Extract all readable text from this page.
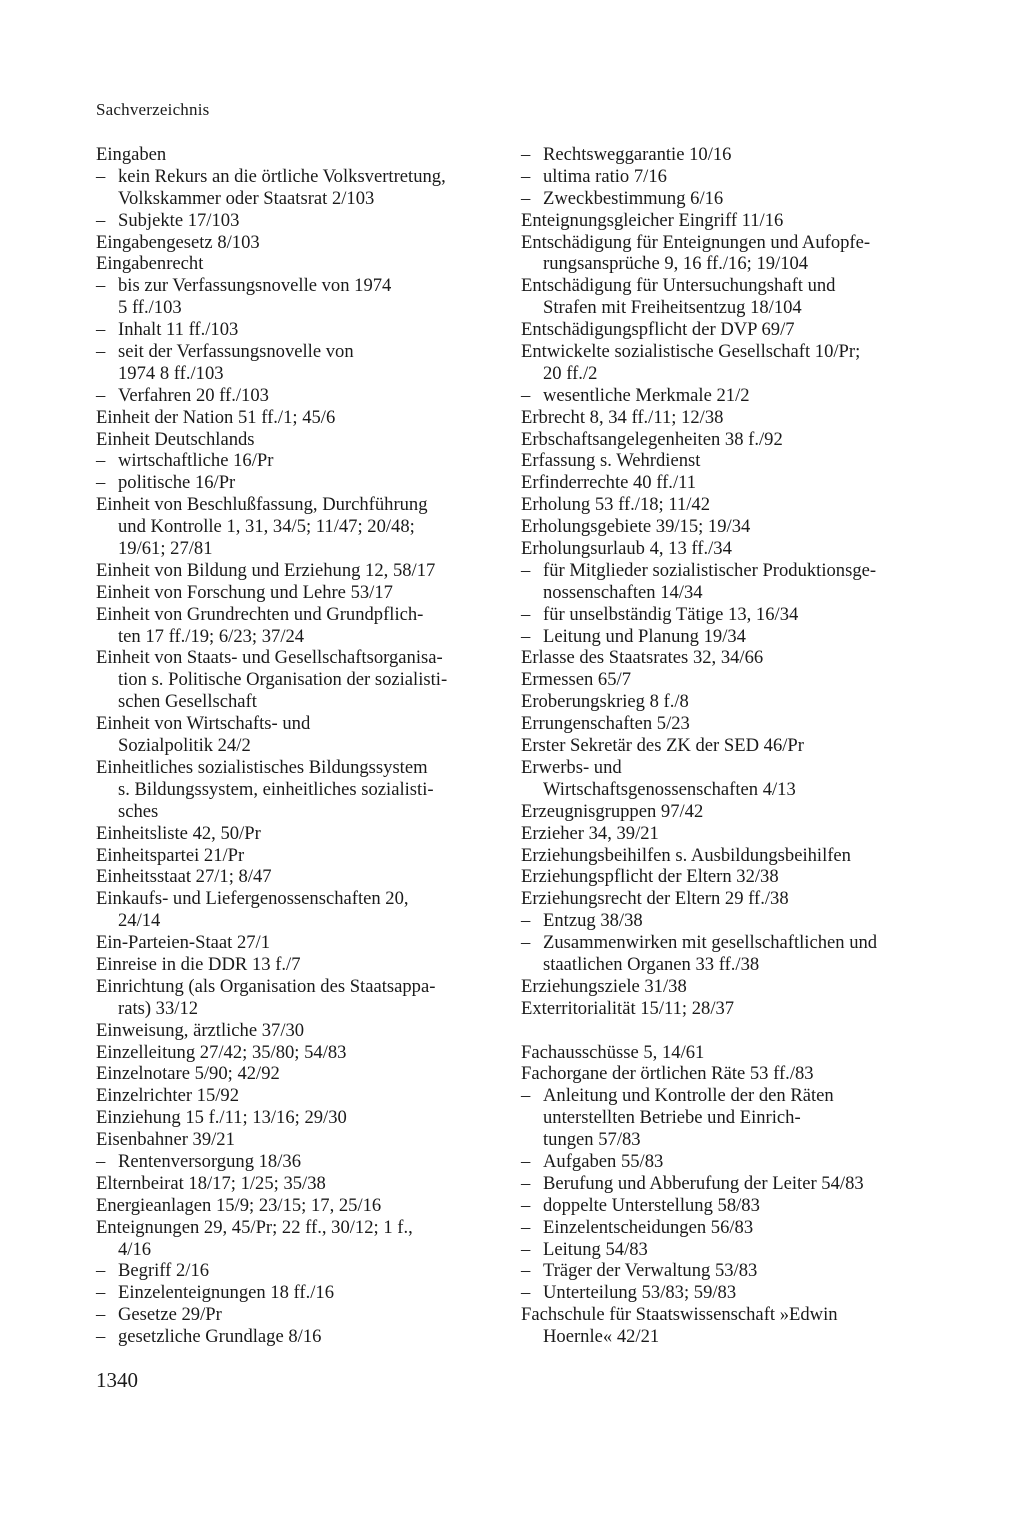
Sachverzeichnis
Eingaben
– kein Rekurs an die örtliche Volksvertretung,
Volkskammer oder Staatsrat 2/103
– Subjekte 17/103
Eingabengesetz 8/103
Eingabenrecht
– bis zur Verfassungsnovelle von 1974
5 ff./103
– Inhalt 11 ff./103
– seit der Verfassungsnovelle von
1974 8 ff./103
– Verfahren 20 ff./103
Einheit der Nation 51 ff./1; 45/6
Einheit Deutschlands
– wirtschaftliche 16/Pr
– politische 16/Pr
Einheit von Beschlußfassung, Durchführung
und Kontrolle 1, 31, 34/5; 11/47; 20/48;
19/61; 27/81
Einheit von Bildung und Erziehung 12, 58/17
Einheit von Forschung und Lehre 53/17
Einheit von Grundrechten und Grundpflich-
ten 17 ff./19; 6/23; 37/24
Einheit von Staats- und Gesellschaftsorganisa-
tion s. Politische Organisation der sozialisti-
schen Gesellschaft
Einheit von Wirtschafts- und
Sozialpolitik 24/2
Einheitliches sozialistisches Bildungssystem
s. Bildungssystem, einheitliches sozialisti-
sches
Einheitsliste 42, 50/Pr
Einheitspartei 21/Pr
Einheitsstaat 27/1; 8/47
Einkaufs- und Liefergenossenschaften 20,
24/14
Ein-Parteien-Staat 27/1
Einreise in die DDR 13 f./7
Einrichtung (als Organisation des Staatsappa-
rats) 33/12
Einweisung, ärztliche 37/30
Einzelleitung 27/42; 35/80; 54/83
Einzelnotare 5/90; 42/92
Einzelrichter 15/92
Einziehung 15 f./11; 13/16; 29/30
Eisenbahner 39/21
– Rentenversorgung 18/36
Elternbeirat 18/17; 1/25; 35/38
Energieanlagen 15/9; 23/15; 17, 25/16
Enteignungen 29, 45/Pr; 22 ff., 30/12; 1 f.,
4/16
– Begriff 2/16
– Einzelenteignungen 18 ff./16
– Gesetze 29/Pr
– gesetzliche Grundlage 8/16
– Rechtsweggarantie 10/16
– ultima ratio 7/16
– Zweckbestimmung 6/16
Enteignungsgleicher Eingriff 11/16
Entschädigung für Enteignungen und Aufopfe-
rungsansprüche 9, 16 ff./16; 19/104
Entschädigung für Untersuchungshaft und
Strafen mit Freiheitsentzug 18/104
Entschädigungspflicht der DVP 69/7
Entwickelte sozialistische Gesellschaft 10/Pr;
20 ff./2
– wesentliche Merkmale 21/2
Erbrecht 8, 34 ff./11; 12/38
Erbschaftsangelegenheiten 38 f./92
Erfassung s. Wehrdienst
Erfinderrechte 40 ff./11
Erholung 53 ff./18; 11/42
Erholungsgebiete 39/15; 19/34
Erholungsurlaub 4, 13 ff./34
– für Mitglieder sozialistischer Produktionsge-
nossenschaften 14/34
– für unselbständig Tätige 13, 16/34
– Leitung und Planung 19/34
Erlasse des Staatsrates 32, 34/66
Ermessen 65/7
Eroberungskrieg 8 f./8
Errungenschaften 5/23
Erster Sekretär des ZK der SED 46/Pr
Erwerbs- und
Wirtschaftsgenossenschaften 4/13
Erzeugnisgruppen 97/42
Erzieher 34, 39/21
Erziehungsbeihilfen s. Ausbildungsbeihilfen
Erziehungspflicht der Eltern 32/38
Erziehungsrecht der Eltern 29 ff./38
– Entzug 38/38
– Zusammenwirken mit gesellschaftlichen und
staatlichen Organen 33 ff./38
Erziehungsziele 31/38
Exterritorialität 15/11; 28/37
Fachausschüsse 5, 14/61
Fachorgane der örtlichen Räte 53 ff./83
– Anleitung und Kontrolle der den Räten
unterstellten Betriebe und Einrich-
tungen 57/83
– Aufgaben 55/83
– Berufung und Abberufung der Leiter 54/83
– doppelte Unterstellung 58/83
– Einzelentscheidungen 56/83
– Leitung 54/83
– Träger der Verwaltung 53/83
– Unterteilung 53/83; 59/83
Fachschule für Staatswissenschaft »Edwin
Hoernle« 42/21
1340
